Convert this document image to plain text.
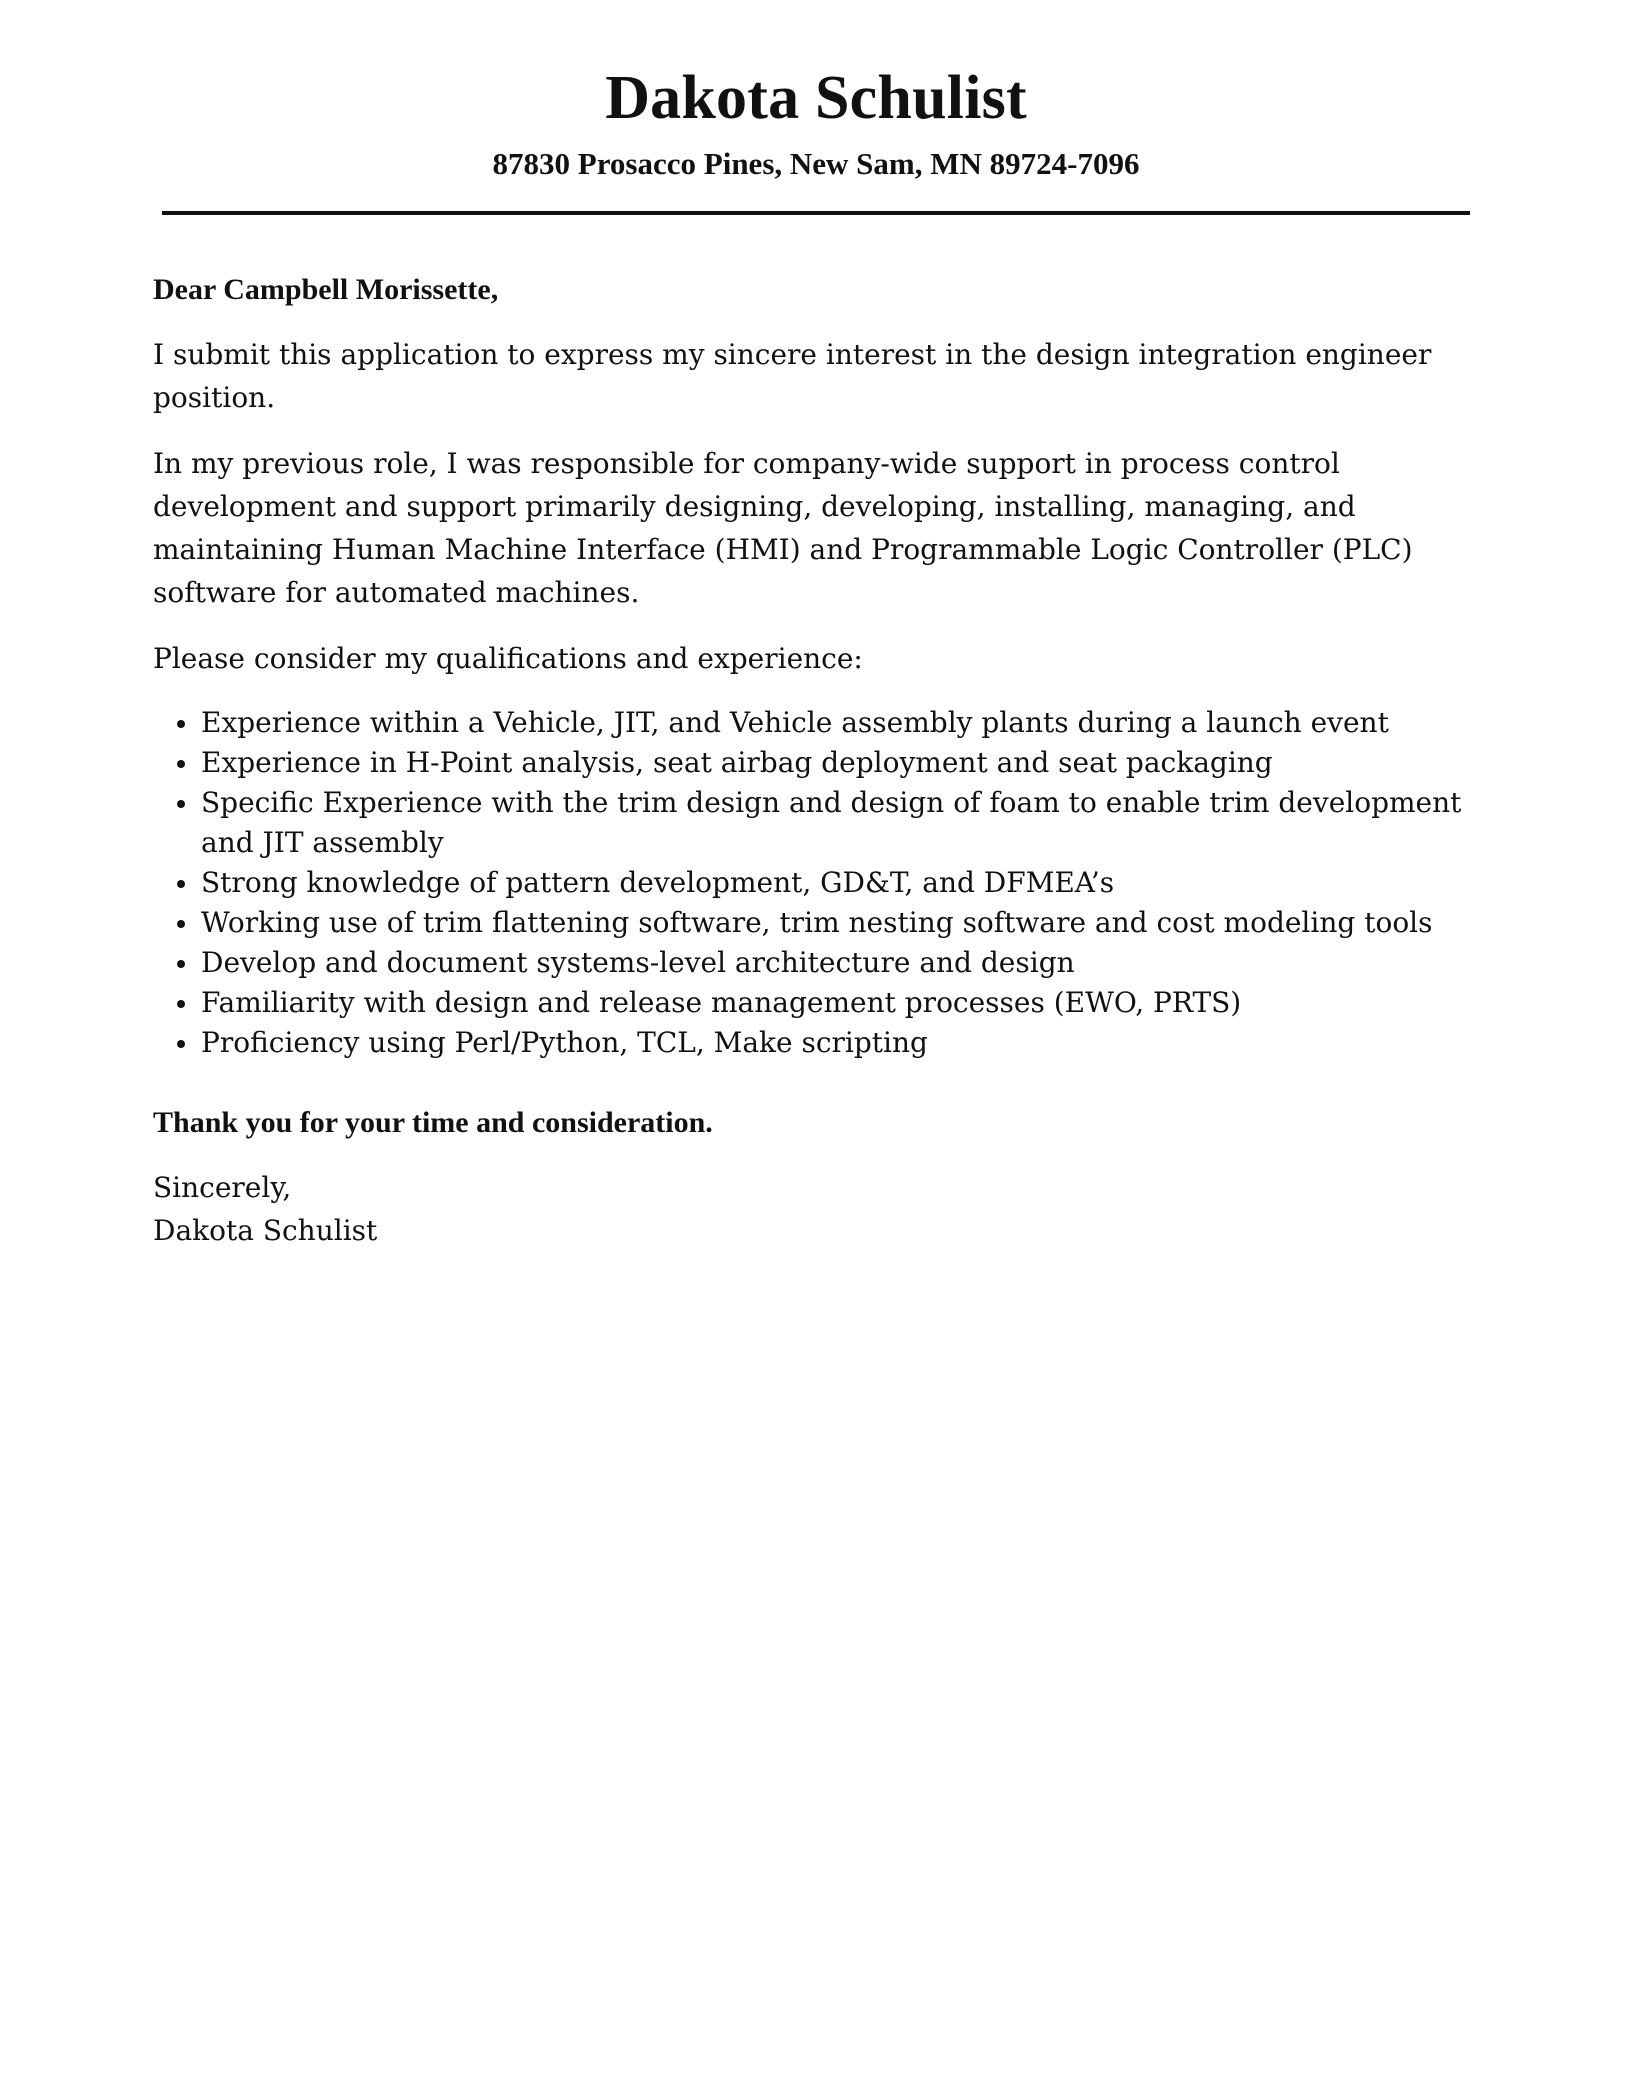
Dakota Schulist
87830 Prosacco Pines, New Sam, MN 89724-7096

Dear Campbell Morissette,

I submit this application to express my sincere interest in the design integration engineer position.

In my previous role, I was responsible for company-wide support in process control development and support primarily designing, developing, installing, managing, and maintaining Human Machine Interface (HMI) and Programmable Logic Controller (PLC) software for automated machines.

Please consider my qualifications and experience:

Experience within a Vehicle, JIT, and Vehicle assembly plants during a launch event
Experience in H-Point analysis, seat airbag deployment and seat packaging
Specific Experience with the trim design and design of foam to enable trim development and JIT assembly
Strong knowledge of pattern development, GD&T, and DFMEA’s
Working use of trim flattening software, trim nesting software and cost modeling tools
Develop and document systems-level architecture and design
Familiarity with design and release management processes (EWO, PRTS)
Proficiency using Perl/Python, TCL, Make scripting

Thank you for your time and consideration.

Sincerely,

Dakota Schulist
